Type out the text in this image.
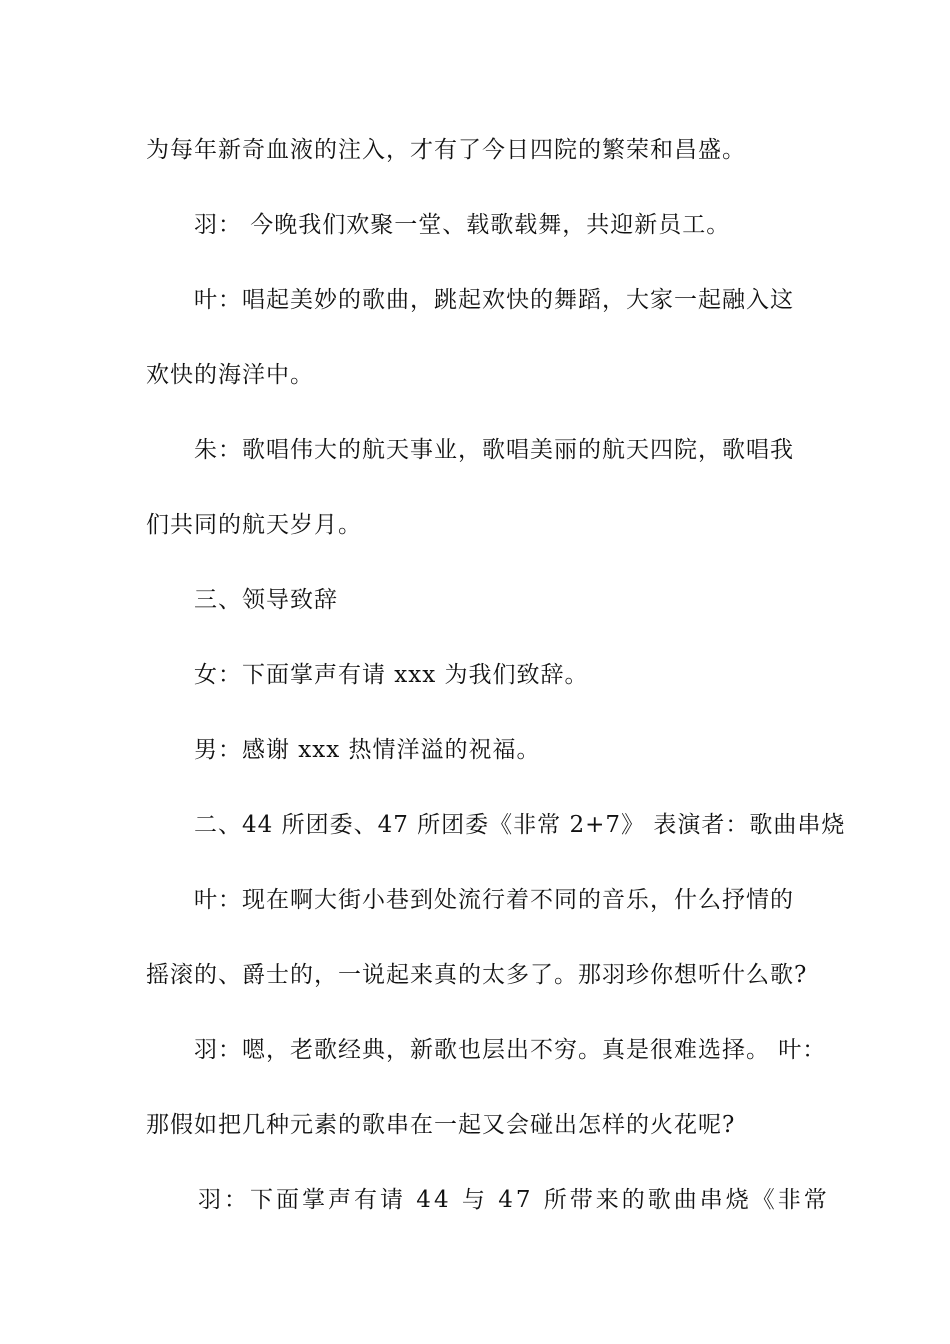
为每年新奇血液的注入，才有了今日四院的繁荣和昌盛。
羽： 今晚我们欢聚一堂、载歌载舞，共迎新员工。
叶：唱起美妙的歌曲，跳起欢快的舞蹈，大家一起融入这
欢快的海洋中。
朱：歌唱伟大的航天事业，歌唱美丽的航天四院，歌唱我
们共同的航天岁月。
三、领导致辞
女：下面掌声有请 xxx 为我们致辞。
男：感谢 xxx 热情洋溢的祝福。
二、44 所团委、47 所团委《非常 2+7》 表演者：歌曲串烧
叶：现在啊大街小巷到处流行着不同的音乐，什么抒情的
摇滚的、爵士的，一说起来真的太多了。那羽珍你想听什么歌?
羽：嗯，老歌经典，新歌也层出不穷。真是很难选择。 叶：
那假如把几种元素的歌串在一起又会碰出怎样的火花呢?
羽：下面掌声有请 44 与 47 所带来的歌曲串烧《非常
